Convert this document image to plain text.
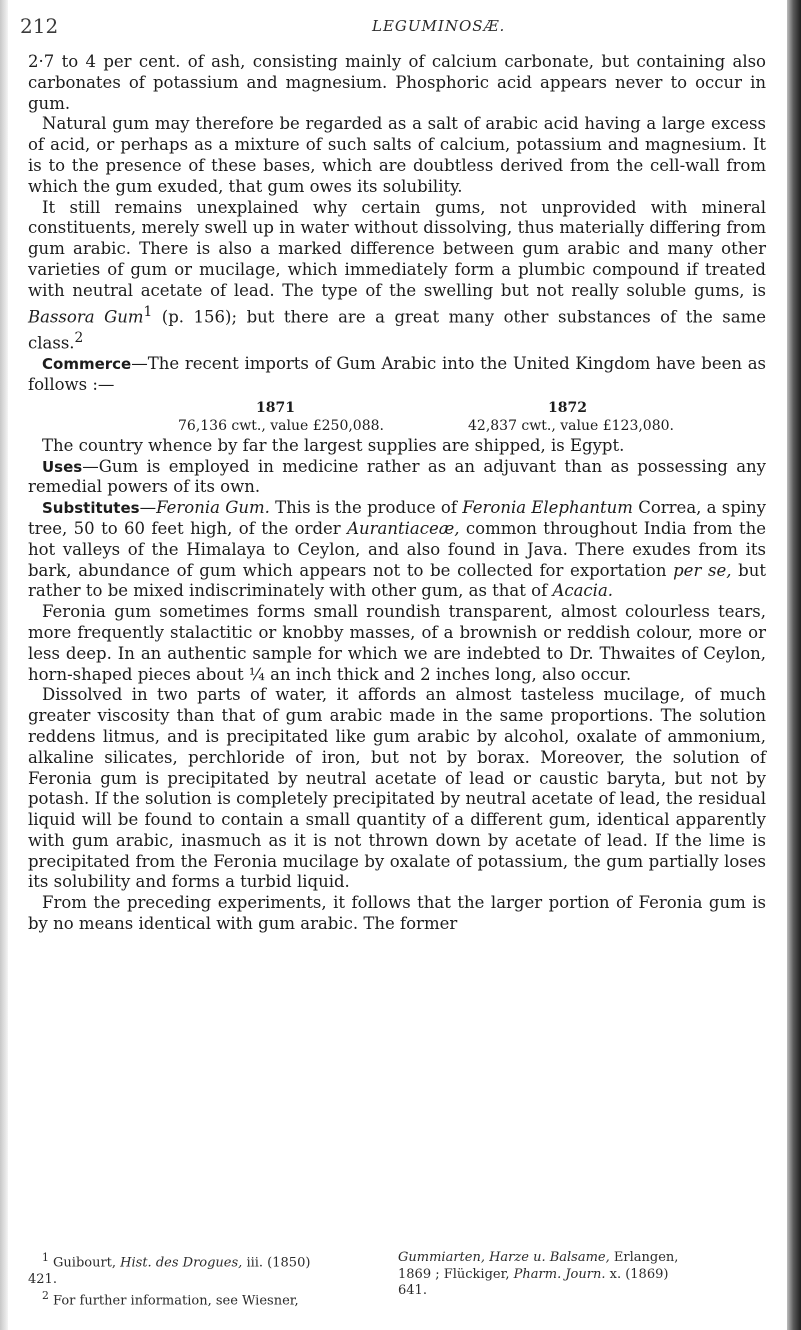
212	LEGUMINOSÆ.

2·7 to 4 per cent. of ash, consisting mainly of calcium carbonate, but containing also carbonates of potassium and magnesium. Phosphoric acid appears never to occur in gum.

Natural gum may therefore be regarded as a salt of arabic acid having a large excess of acid, or perhaps as a mixture of such salts of calcium, potassium and magnesium. It is to the presence of these bases, which are doubtless derived from the cell-wall from which the gum exuded, that gum owes its solubility.

It still remains unexplained why certain gums, not unprovided with mineral constituents, merely swell up in water without dissolving, thus materially differing from gum arabic. There is also a marked difference between gum arabic and many other varieties of gum or mucilage, which immediately form a plumbic compound if treated with neutral acetate of lead. The type of the swelling but not really soluble gums, is Bassora Gum$^1$ (p. 156); but there are a great many other substances of the same class.$^2$

Commerce—The recent imports of Gum Arabic into the United Kingdom have been as follows :—

1871	1872
76,136 cwt., value £250,088.	42,837 cwt., value £123,080.

The country whence by far the largest supplies are shipped, is Egypt.

Uses—Gum is employed in medicine rather as an adjuvant than as possessing any remedial powers of its own.

Substitutes—Feronia Gum. This is the produce of Feronia Elephantum Correa, a spiny tree, 50 to 60 feet high, of the order Aurantiaceæ, common throughout India from the hot valleys of the Himalaya to Ceylon, and also found in Java. There exudes from its bark, abundance of gum which appears not to be collected for exportation per se, but rather to be mixed indiscriminately with other gum, as that of Acacia.

Feronia gum sometimes forms small roundish transparent, almost colourless tears, more frequently stalactitic or knobby masses, of a brownish or reddish colour, more or less deep. In an authentic sample for which we are indebted to Dr. Thwaites of Ceylon, horn-shaped pieces about ¼ an inch thick and 2 inches long, also occur.

Dissolved in two parts of water, it affords an almost tasteless mucilage, of much greater viscosity than that of gum arabic made in the same proportions. The solution reddens litmus, and is precipitated like gum arabic by alcohol, oxalate of ammonium, alkaline silicates, perchloride of iron, but not by borax. Moreover, the solution of Feronia gum is precipitated by neutral acetate of lead or caustic baryta, but not by potash. If the solution is completely precipitated by neutral acetate of lead, the residual liquid will be found to contain a small quantity of a different gum, identical apparently with gum arabic, inasmuch as it is not thrown down by acetate of lead. If the lime is precipitated from the Feronia mucilage by oxalate of potassium, the gum partially loses its solubility and forms a turbid liquid.

From the preceding experiments, it follows that the larger portion of Feronia gum is by no means identical with gum arabic. The former

$^1$ Guibourt, Hist. des Drogues, iii. (1850)
421.
$^2$ For further information, see Wiesner,
Gummiarten, Harze u. Balsame, Erlangen,
1869 ; Flückiger, Pharm. Journ. x. (1869)
641.
